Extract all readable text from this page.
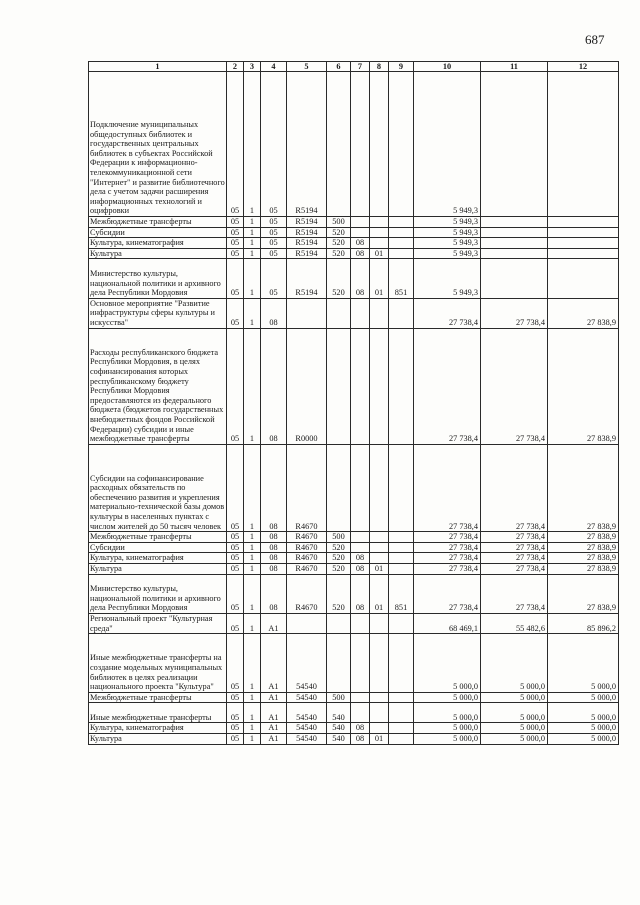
687
1	2	3	4	5	6	7	8	9	10	11	12
Подключение муниципальных общедоступных библиотек и государственных центральных библиотек в субъектах Российской Федерации к информационно-телекоммуникационной сети "Интернет" и развитие библиотечного дела с учетом задачи расширения информационных технологий и оцифровки	05	1	05	R5194					5 949,3		
Межбюджетные трансферты	05	1	05	R5194	500				5 949,3		
Субсидии	05	1	05	R5194	520				5 949,3		
Культура, кинематография	05	1	05	R5194	520	08			5 949,3		
Культура	05	1	05	R5194	520	08	01		5 949,3		
Министерство культуры, национальной политики и архивного дела Республики Мордовия	05	1	05	R5194	520	08	01	851	5 949,3		
Основное мероприятие "Развитие инфраструктуры сферы культуры и искусства"	05	1	08						27 738,4	27 738,4	27 838,9
Расходы республиканского бюджета Республики Мордовия, в целях софинансирования которых республиканскому бюджету Республики Мордовия предоставляются из федерального бюджета (бюджетов государственных внебюджетных фондов Российской Федерации) субсидии и иные межбюджетные трансферты	05	1	08	R0000					27 738,4	27 738,4	27 838,9
Субсидии на софинансирование расходных обязательств по обеспечению развития и укрепления материально-технической базы домов культуры в населенных пунктах с числом жителей до 50 тысяч человек	05	1	08	R4670					27 738,4	27 738,4	27 838,9
Межбюджетные трансферты	05	1	08	R4670	500				27 738,4	27 738,4	27 838,9
Субсидии	05	1	08	R4670	520				27 738,4	27 738,4	27 838,9
Культура, кинематография	05	1	08	R4670	520	08			27 738,4	27 738,4	27 838,9
Культура	05	1	08	R4670	520	08	01		27 738,4	27 738,4	27 838,9
Министерство культуры, национальной политики и архивного дела Республики Мордовия	05	1	08	R4670	520	08	01	851	27 738,4	27 738,4	27 838,9
Региональный проект "Культурная среда"	05	1	A1						68 469,1	55 482,6	85 896,2
Иные межбюджетные трансферты на создание модельных муниципальных библиотек в целях реализации национального проекта "Культура"	05	1	A1	54540					5 000,0	5 000,0	5 000,0
Межбюджетные трансферты	05	1	A1	54540	500				5 000,0	5 000,0	5 000,0
Иные межбюджетные трансферты	05	1	A1	54540	540				5 000,0	5 000,0	5 000,0
Культура, кинематография	05	1	A1	54540	540	08			5 000,0	5 000,0	5 000,0
Культура	05	1	A1	54540	540	08	01		5 000,0	5 000,0	5 000,0
